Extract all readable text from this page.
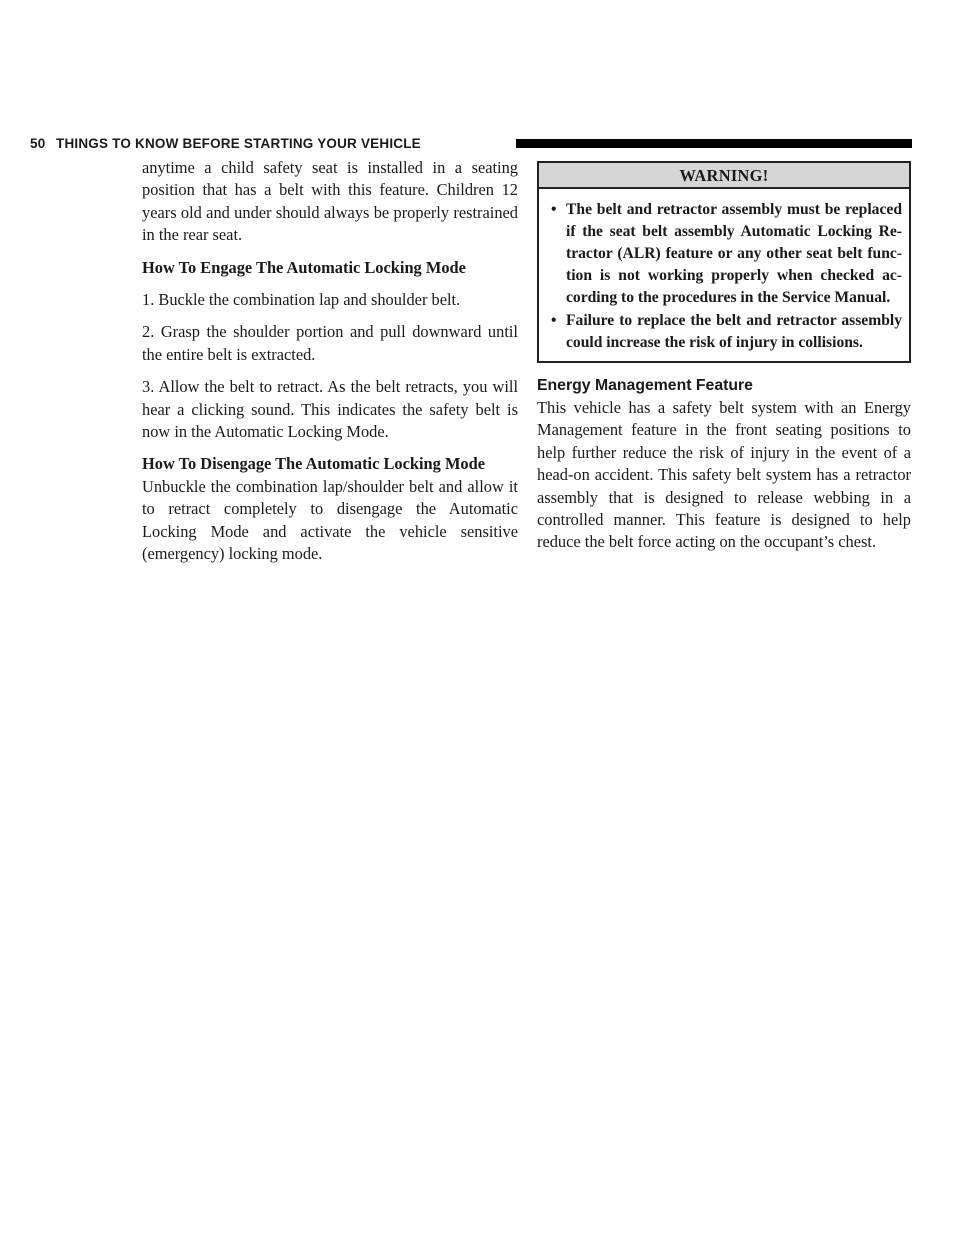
50 THINGS TO KNOW BEFORE STARTING YOUR VEHICLE

anytime a child safety seat is installed in a seating position that has a belt with this feature. Children 12 years old and under should always be properly restrained in the rear seat.

How To Engage The Automatic Locking Mode

1. Buckle the combination lap and shoulder belt.

2. Grasp the shoulder portion and pull downward until the entire belt is extracted.

3. Allow the belt to retract. As the belt retracts, you will hear a clicking sound. This indicates the safety belt is now in the Automatic Locking Mode.

How To Disengage The Automatic Locking Mode

Unbuckle the combination lap/shoulder belt and allow it to retract completely to disengage the Automatic Locking Mode and activate the vehicle sensitive (emergency) locking mode.

WARNING!
• The belt and retractor assembly must be replaced if the seat belt assembly Automatic Locking Re-tractor (ALR) feature or any other seat belt func-tion is not working properly when checked ac-cording to the procedures in the Service Manual.
• Failure to replace the belt and retractor assembly could increase the risk of injury in collisions.
Energy Management Feature

This vehicle has a safety belt system with an Energy Management feature in the front seating positions to help further reduce the risk of injury in the event of a head-on accident. This safety belt system has a retractor assembly that is designed to release webbing in a controlled manner. This feature is designed to help reduce the belt force acting on the occupant’s chest.
